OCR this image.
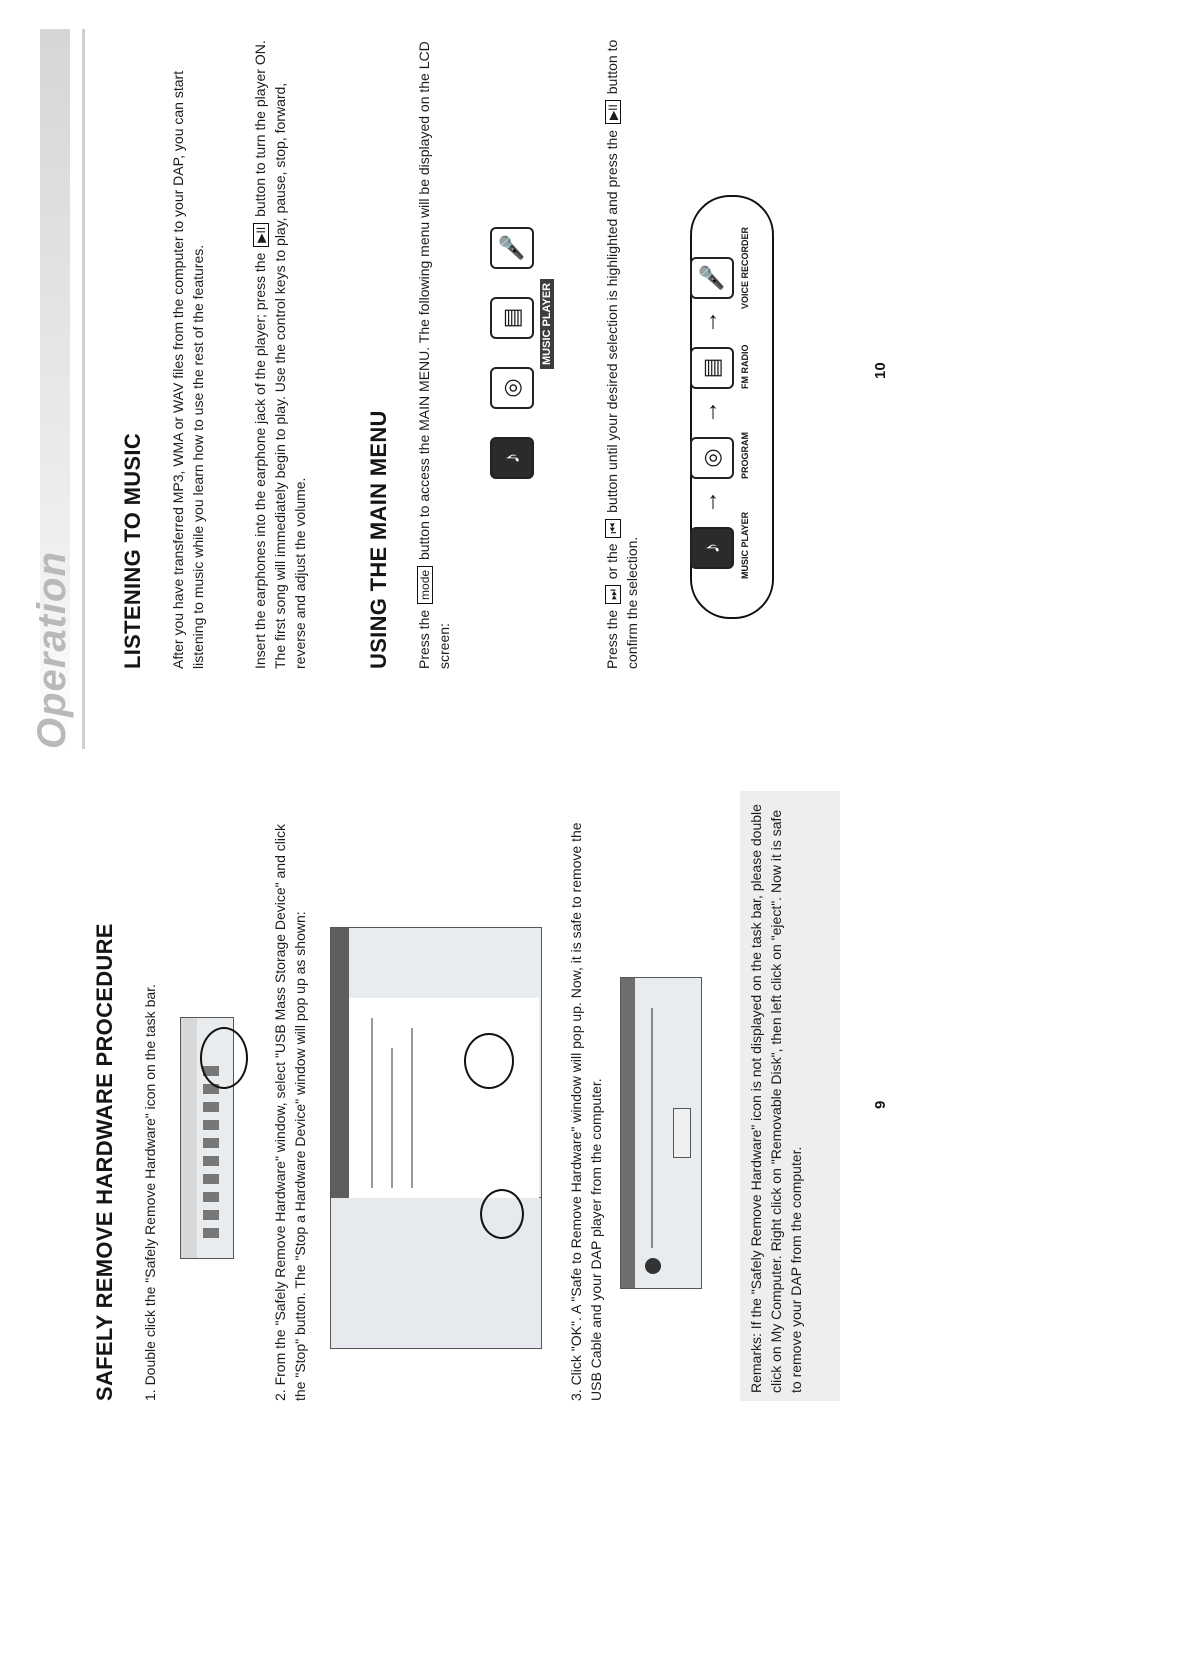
SAFELY REMOVE HARDWARE PROCEDURE 1. Double click the "Safely Remove Hardware" icon on the task bar.	2. From the "Safely Remove Hardware" window, select "USB Mass Storage Device" and click the "Stop" button. The "Stop a Hardware Device" window will pop up as shown:	3. Click "OK". A "Safe to Remove Hardware" window will pop up. Now, it is safe to remove the USB Cable and your DAP player from the computer.	Remarks: If the "Safely Remove Hardware" icon is not displayed on the task bar, please double click on My Computer. Right click on "Removable Disk", then left click on "eject". Now it is safe to remove your DAP from the computer.
9
Operation LISTENING TO MUSIC After you have transferred MP3, WMA or WAV files from the computer to your DAP, you can start listening to music while you learn how to use the rest of the features.	Insert the earphones into the earphone jack of the player; press the ▶II button to turn the player ON. The first song will immediately begin to play. Use the control keys to play, pause, stop, forward, reverse and adjust the volume.	USING THE MAIN MENU Press the mode button to access the MAIN MENU. The following menu will be displayed on the LCD screen:
♪
◎
▤
🎤
MUSIC PLAYER
Press the ⏭ or the ⏮ button until your desired selection is highlighted and press the ▶II button to confirm the selection.	♪
→
◎
→
▤
→
🎤
MUSIC PLAYER
PROGRAM
FM RADIO
VOICE RECORDER
10
